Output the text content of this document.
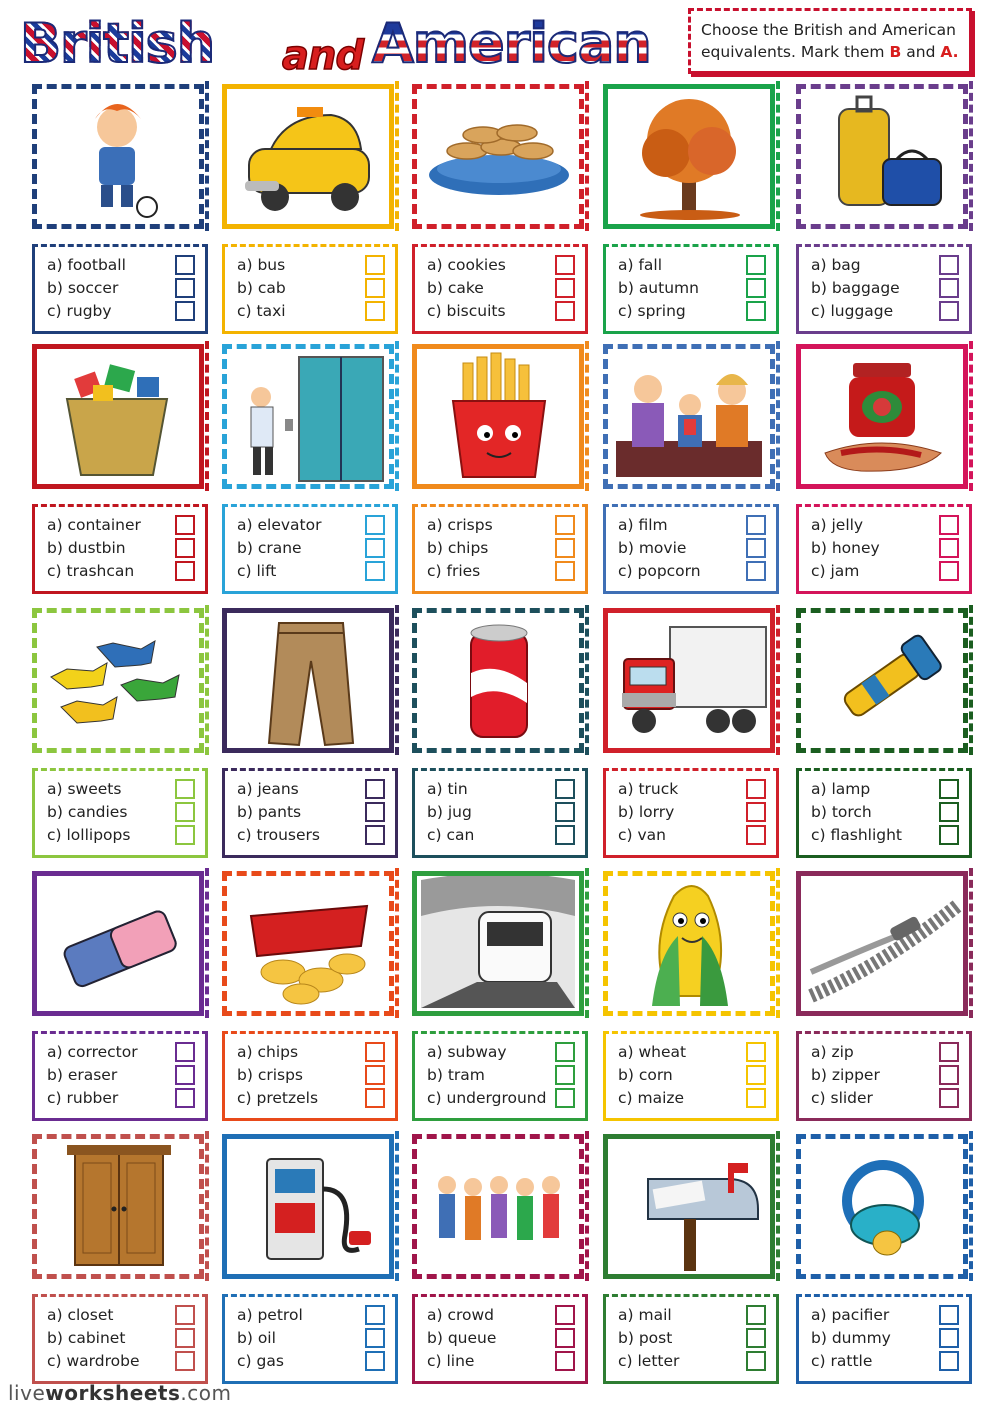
British and American	Choose the British and American equivalents. Mark them B and A.
a) football
b) soccer
c) rugby
a) bus
b) cab
c) taxi
a) cookies
b) cake
c) biscuits
a) fall
b) autumn
c) spring
a) bag
b) baggage
c) luggage
a) container
b) dustbin
c) trashcan
a) elevator
b) crane
c) lift
a) crisps
b) chips
c) fries
a) film
b) movie
c) popcorn
a) jelly
b) honey
c) jam
a) sweets
b) candies
c) lollipops
a) jeans
b) pants
c) trousers
a) tin
b) jug
c) can
a) truck
b) lorry
c) van
a) lamp
b) torch
c) flashlight
a) corrector
b) eraser
c) rubber
a) chips
b) crisps
c) pretzels
a) subway
b) tram
c) underground
a) wheat
b) corn
c) maize
a) zip
b) zipper
c) slider
a) closet
b) cabinet
c) wardrobe
a) petrol
b) oil
c) gas
a) crowd
b) queue
c) line
a) mail
b) post
c) letter
a) pacifier
b) dummy
c) rattle
liveworksheets.com
